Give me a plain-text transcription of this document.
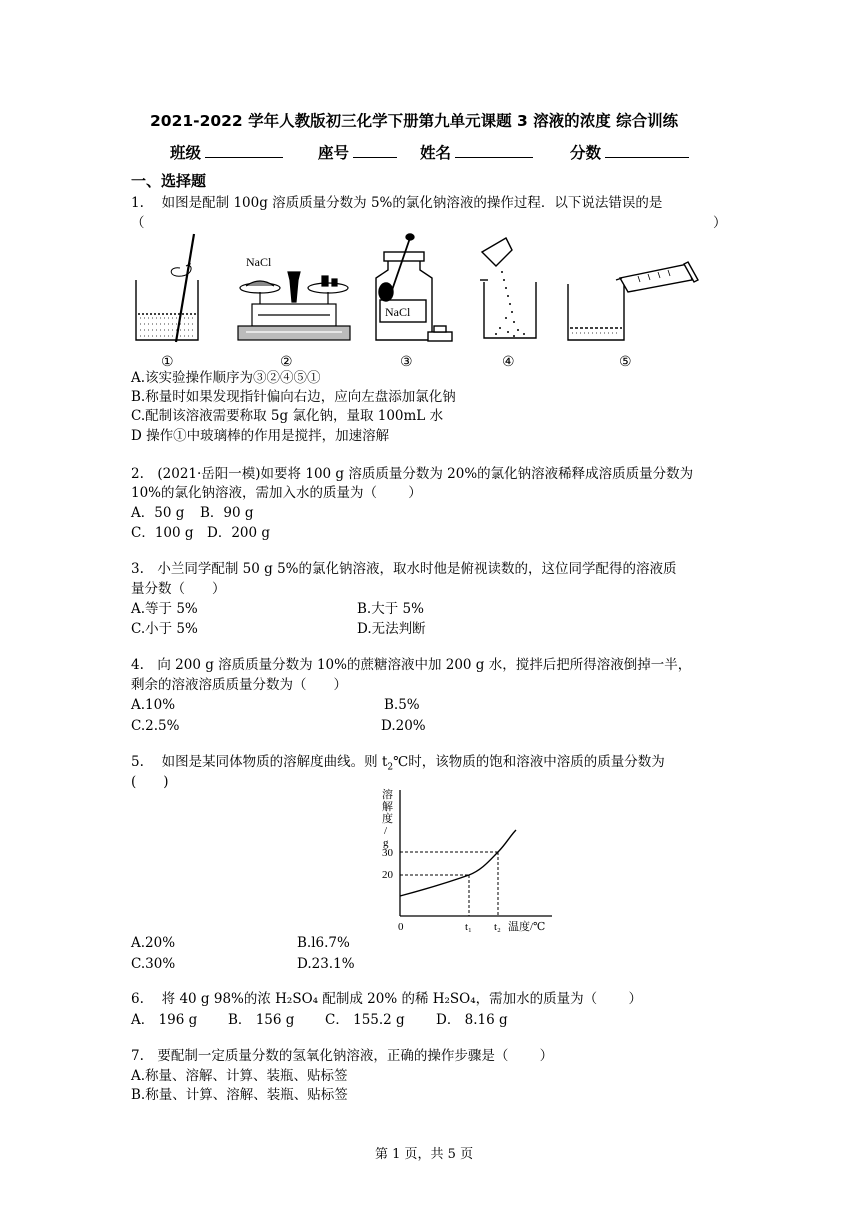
2021-2022 学年人教版初三化学下册第九单元课题 3 溶液的浓度 综合训练
班级	座号	姓名	分数
一、选择题
1.　 如图是配制 100g 溶质质量分数为 5%的氯化钠溶液的操作过程．以下说法错误的是
（	）
NaCl
NaCl
①	②	③	④	⑤
A.该实验操作顺序为③②④⑤①
B.称量时如果发现指针偏向右边，应向左盘添加氯化钠
C.配制该溶液需要称取 5g 氯化钠，量取 100mL 水
D 操作①中玻璃棒的作用是搅拌，加速溶解
2.　(2021·岳阳一模)如要将 100 g 溶质质量分数为 20%的氯化钠溶液稀释成溶质质量分数为
10%的氯化钠溶液，需加入水的质量为（　　 ）
A．50 g B．90 g
C．100 g D．200 g
3.　小兰同学配制 50 g 5%的氯化钠溶液，取水时他是俯视读数的，这位同学配得的溶液质
量分数（　　）
A.等于 5%	B.大于 5%
C.小于 5%	D.无法判断
4.　向 200 g 溶质质量分数为 10%的蔗糖溶液中加 200 g 水，搅拌后把所得溶液倒掉一半，
剩余的溶液溶质质量分数为（　　）
A.10%	B.5%
C.2.5%	D.20%
5.　 如图是某同体物质的溶解度曲线。则 $t_2℃$时，该物质的饱和溶液中溶质的质量分数为
(　　)
溶
解
度
/
g
30
20
0	t₁ t₂ 温度/℃
A.20%	B.l6.7%
C.30%	D.23.1%
6.　 将 40 g 98%的浓 H₂SO₄ 配制成 20% 的稀 H₂SO₄，需加水的质量为（　　 ）
A． 196 g B． 156 g C． 155.2 g D． 8.16 g
7.　要配制一定质量分数的氢氧化钠溶液，正确的操作步骤是（　　 ）
A.称量、溶解、计算、装瓶、贴标签
B.称量、计算、溶解、装瓶、贴标签
第 1 页，共 5 页
